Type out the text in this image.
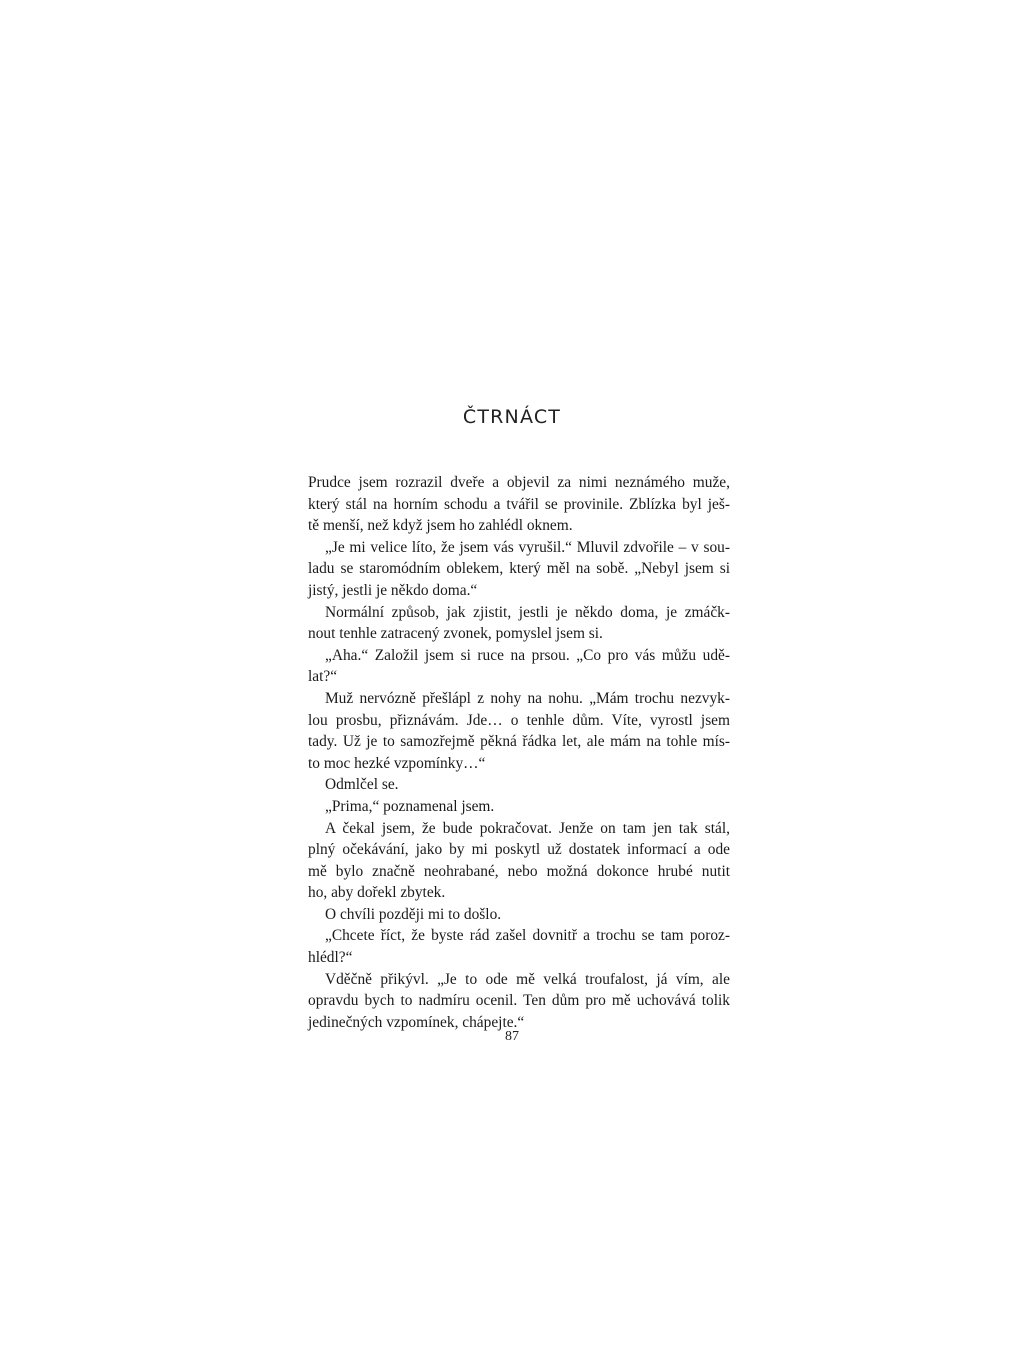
ČTRNÁCT
Prudce jsem rozrazil dveře a objevil za nimi neznámého muže,
který stál na horním schodu a tvářil se provinile. Zblízka byl ješ-
tě menší, než když jsem ho zahlédl oknem.
„Je mi velice líto, že jsem vás vyrušil.“ Mluvil zdvořile – v sou-
ladu se staromódním oblekem, který měl na sobě. „Nebyl jsem si
jistý, jestli je někdo doma.“
Normální způsob, jak zjistit, jestli je někdo doma, je zmáčk-
nout tenhle zatracený zvonek, pomyslel jsem si.
„Aha.“ Založil jsem si ruce na prsou. „Co pro vás můžu udě-
lat?“
Muž nervózně přešlápl z nohy na nohu. „Mám trochu nezvyk-
lou prosbu, přiznávám. Jde… o tenhle dům. Víte, vyrostl jsem
tady. Už je to samozřejmě pěkná řádka let, ale mám na tohle mís-
to moc hezké vzpomínky…“
Odmlčel se.
„Prima,“ poznamenal jsem.
A čekal jsem, že bude pokračovat. Jenže on tam jen tak stál,
plný očekávání, jako by mi poskytl už dostatek informací a ode
mě bylo značně neohrabané, nebo možná dokonce hrubé nutit
ho, aby dořekl zbytek.
O chvíli později mi to došlo.
„Chcete říct, že byste rád zašel dovnitř a trochu se tam poroz-
hlédl?“
Vděčně přikývl. „Je to ode mě velká troufalost, já vím, ale
opravdu bych to nadmíru ocenil. Ten dům pro mě uchovává tolik
jedinečných vzpomínek, chápejte.“
87
